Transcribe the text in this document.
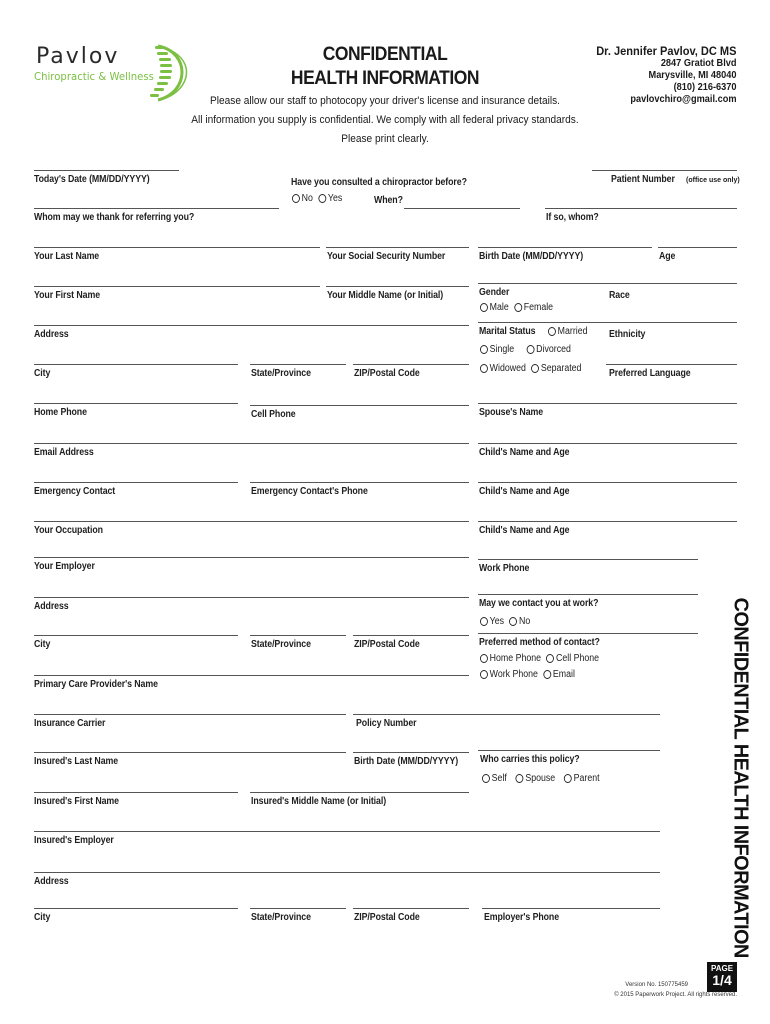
Pavlov
Chiropractic & Wellness
CONFIDENTIAL
HEALTH INFORMATION
Dr. Jennifer Pavlov, DC MS
2847 Gratiot Blvd
Marysville, MI 48040
(810) 216-6370
pavlovchiro@gmail.com
Please allow our staff to photocopy your driver's license and insurance details.
All information you supply is confidential. We comply with all federal privacy standards.
Please print clearly.
Today's Date (MM/DD/YYYY)	Have you consulted a chiropractor before?
No Yes	When?
Patient Number (office use only)
Whom may we thank for referring you?	If so, whom?
Your Last Name	Your Social Security Number	Birth Date (MM/DD/YYYY)	Age
Your First Name	Your Middle Name (or Initial)	Gender
Male Female
Race
Address	Marital Status Married
Single Divorced
Widowed Separated
Ethnicity
City	State/Province	ZIP/Postal Code	Preferred Language
Home Phone	Cell Phone	Spouse's Name
Email Address	Child's Name and Age
Emergency Contact	Emergency Contact's Phone	Child's Name and Age
Your Occupation	Child's Name and Age
Your Employer	Work Phone
Address	May we contact you at work?
Yes No
City	State/Province	ZIP/Postal Code	Preferred method of contact?
Home Phone Cell Phone
Work Phone Email
Primary Care Provider's Name
Insurance Carrier	Policy Number
Insured's Last Name	Birth Date (MM/DD/YYYY) Who carries this policy?
Self Spouse Parent
Insured's First Name	Insured's Middle Name (or Initial)
Insured's Employer
Address
City	State/Province	ZIP/Postal Code	Employer's Phone	CONFIDENTIAL HEALTH INFORMATION
PAGE
1/4
Version No. 150775459
© 2015 Paperwork Project. All rights reserved.
